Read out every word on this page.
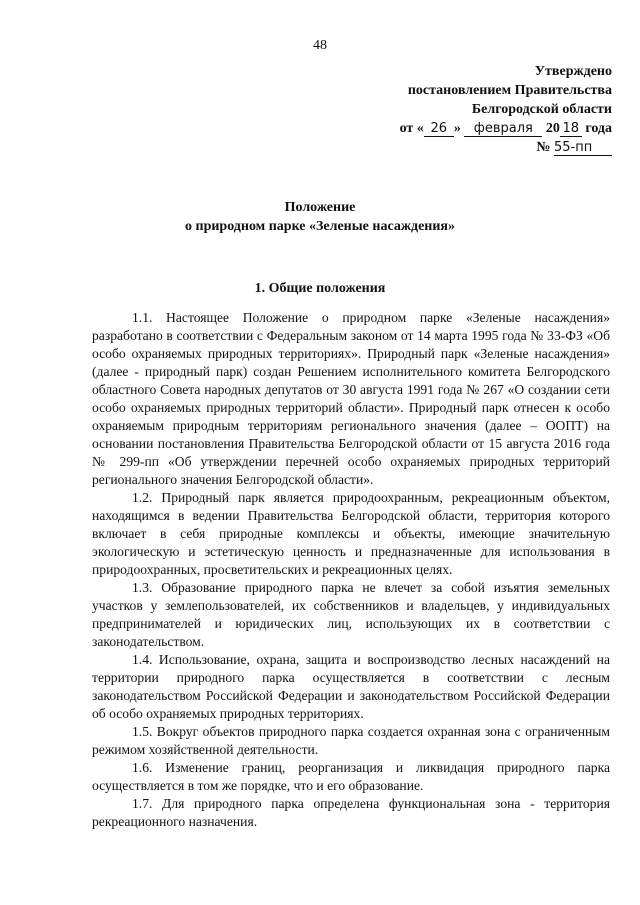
48
Утверждено
постановлением Правительства
Белгородской области
от « 26 » февраля 20 18 года
№ 55-пп
Положение
о природном парке «Зеленые насаждения»
1. Общие положения

1.1. Настоящее Положение о природном парке «Зеленые насаждения» разработано в соответствии с Федеральным законом от 14 марта 1995 года № 33-ФЗ «Об особо охраняемых природных территориях». Природный парк «Зеленые насаждения» (далее - природный парк) создан Решением исполнительного комитета Белгородского областного Совета народных депутатов от 30 августа 1991 года № 267 «О создании сети особо охраняемых природных территорий области». Природный парк отнесен к особо охраняемым природным территориям регионального значения (далее – ООПТ) на основании постановления Правительства Белгородской области от 15 августа 2016 года № 299-пп «Об утверждении перечней особо охраняемых природных территорий регионального значения Белгородской области».

1.2. Природный парк является природоохранным, рекреационным объектом, находящимся в ведении Правительства Белгородской области, территория которого включает в себя природные комплексы и объекты, имеющие значительную экологическую и эстетическую ценность и предназначенные для использования в природоохранных, просветительских и рекреационных целях.

1.3. Образование природного парка не влечет за собой изъятия земельных участков у землепользователей, их собственников и владельцев, у индивидуальных предпринимателей и юридических лиц, использующих их в соответствии с законодательством.

1.4. Использование, охрана, защита и воспроизводство лесных насаждений на территории природного парка осуществляется в соответствии с лесным законодательством Российской Федерации и законодательством Российской Федерации об особо охраняемых природных территориях.

1.5. Вокруг объектов природного парка создается охранная зона с ограниченным режимом хозяйственной деятельности.

1.6. Изменение границ, реорганизация и ликвидация природного парка осуществляется в том же порядке, что и его образование.

1.7. Для природного парка определена функциональная зона - территория рекреационного назначения.
